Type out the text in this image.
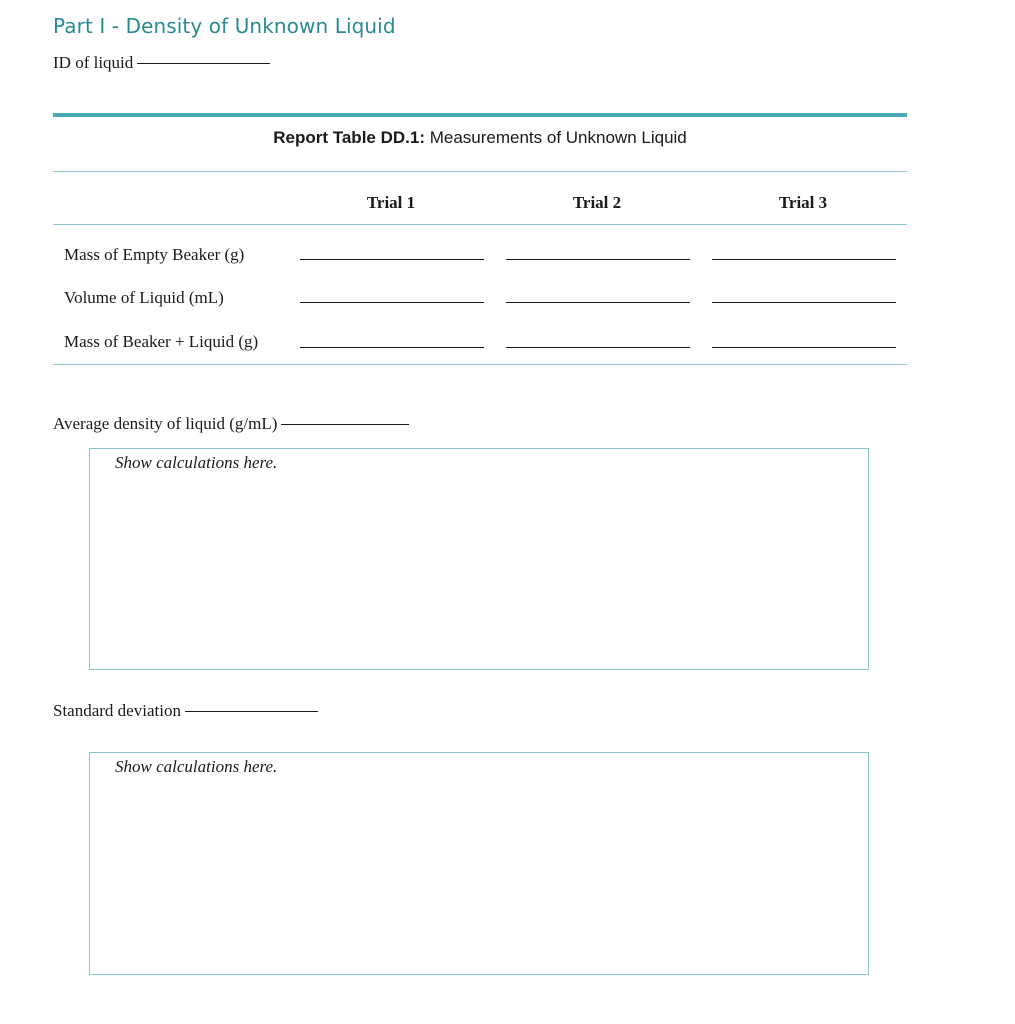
Part I - Density of Unknown Liquid
ID of liquid
Report Table DD.1: Measurements of Unknown Liquid
Trial 1	Trial 2	Trial 3
Mass of Empty Beaker (g)
Volume of Liquid (mL)
Mass of Beaker + Liquid (g)
Average density of liquid (g/mL)
Show calculations here.
Standard deviation
Show calculations here.
